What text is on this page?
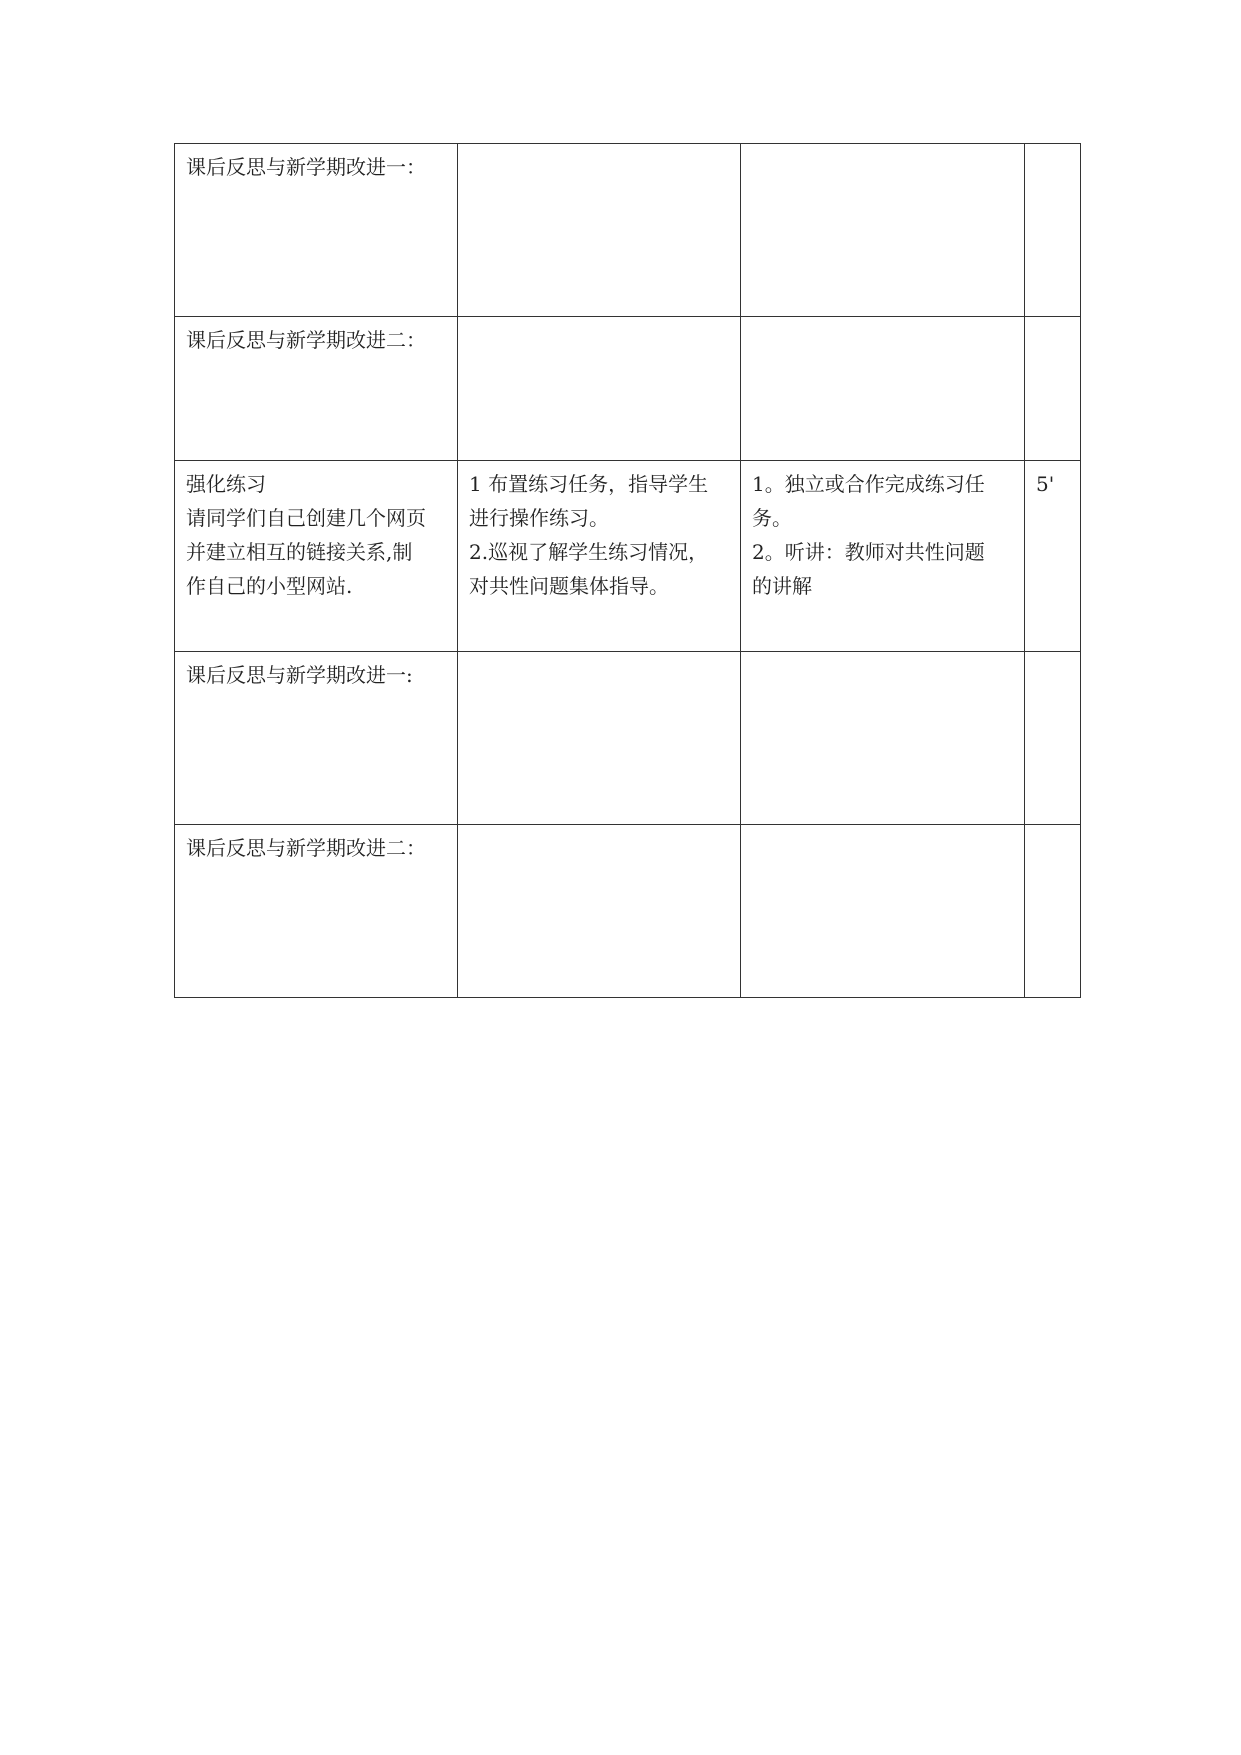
课后反思与新学期改进一：			

课后反思与新学期改进二：			

强化练习
请同学们自己创建几个网页
并建立相互的链接关系,制
作自己的小型网站.	1 布置练习任务，指导学生
进行操作练习。
2.巡视了解学生练习情况，
对共性问题集体指导。	1。独立或合作完成练习任
务。
2。听讲：教师对共性问题
的讲解	5'

课后反思与新学期改进一:			

课后反思与新学期改进二：			
